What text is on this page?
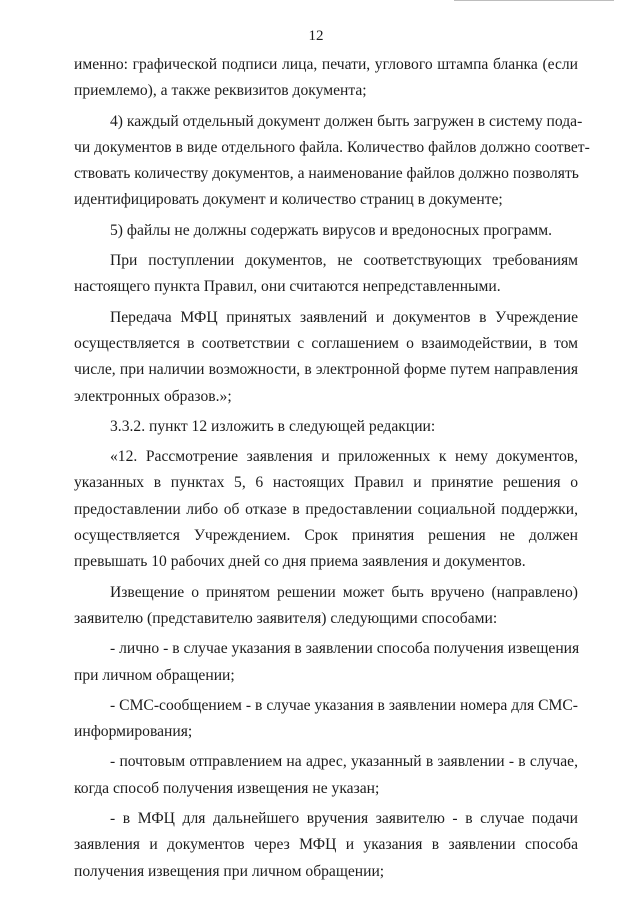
12

именно: графической подписи лица, печати, углового штампа бланка (если
приемлемо), а также реквизитов документа;

4) каждый отдельный документ должен быть загружен в систему пода-
чи документов в виде отдельного файла. Количество файлов должно соответ-
ствовать количеству документов, а наименование файлов должно позволять
идентифицировать документ и количество страниц в документе;

5) файлы не должны содержать вирусов и вредоносных программ.

При поступлении документов, не соответствующих требованиям
настоящего пункта Правил, они считаются непредставленными.

Передача МФЦ принятых заявлений и документов в Учреждение
осуществляется в соответствии с соглашением о взаимодействии, в том
числе, при наличии возможности, в электронной форме путем направления
электронных образов.»;

3.3.2. пункт 12 изложить в следующей редакции:

«12. Рассмотрение заявления и приложенных к нему документов,
указанных в пунктах 5, 6 настоящих Правил и принятие решения о
предоставлении либо об отказе в предоставлении социальной поддержки,
осуществляется Учреждением. Срок принятия решения не должен
превышать 10 рабочих дней со дня приема заявления и документов.

Извещение о принятом решении может быть вручено (направлено)
заявителю (представителю заявителя) следующими способами:

- лично - в случае указания в заявлении способа получения извещения
при личном обращении;

- СМС-сообщением - в случае указания в заявлении номера для СМС-
информирования;

- почтовым отправлением на адрес, указанный в заявлении - в случае,
когда способ получения извещения не указан;

- в МФЦ для дальнейшего вручения заявителю - в случае подачи
заявления и документов через МФЦ и указания в заявлении способа
получения извещения при личном обращении;
